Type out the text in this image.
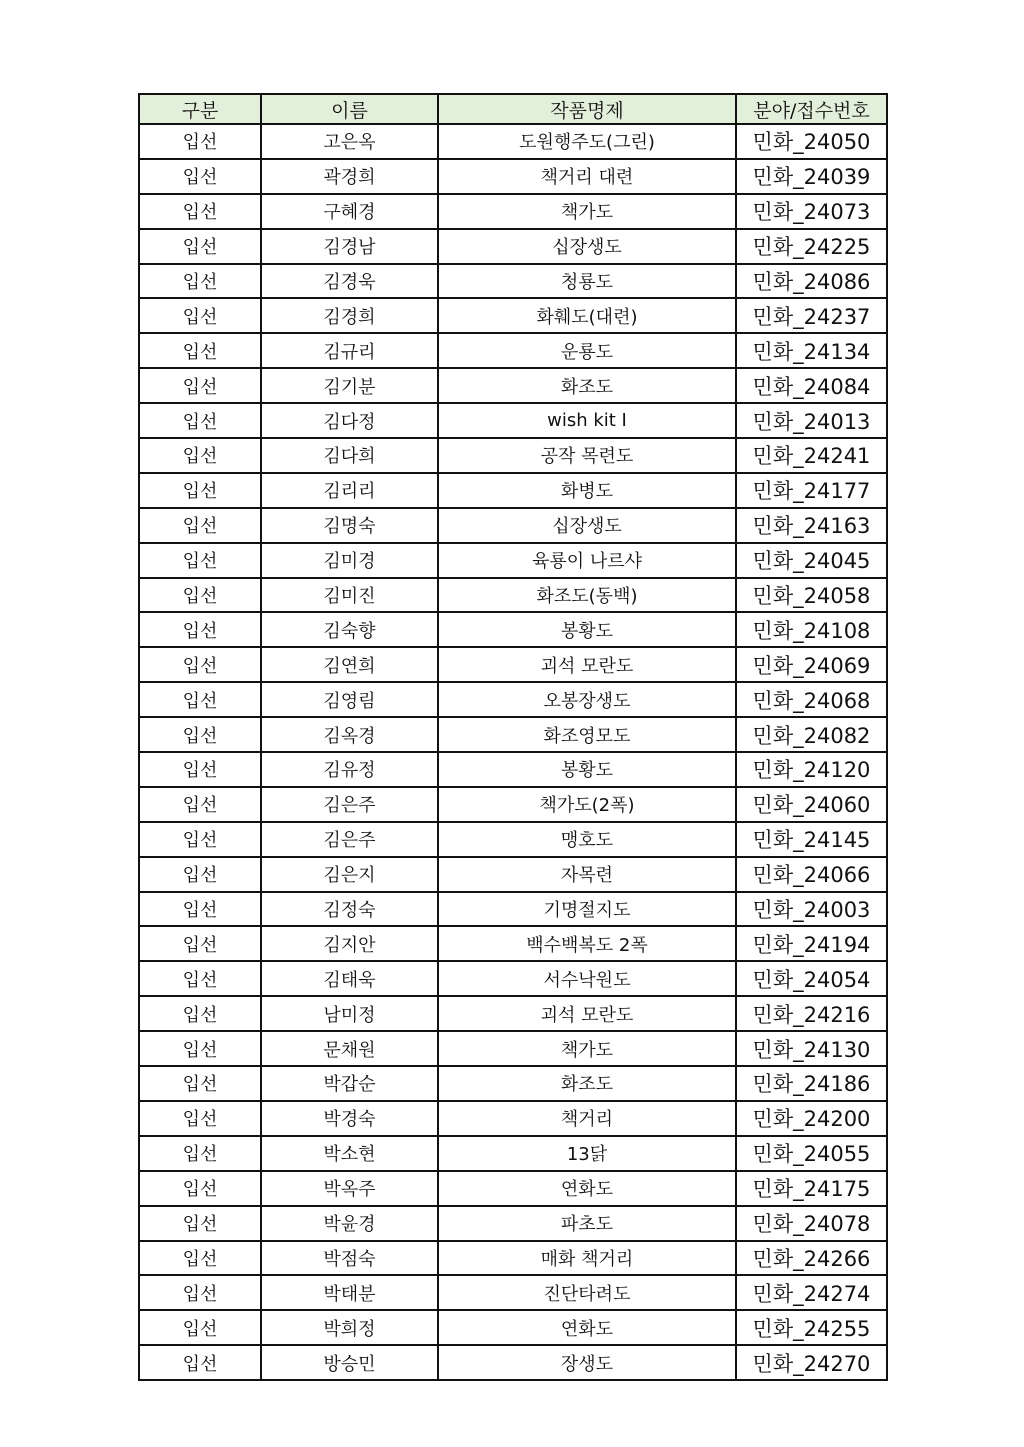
구분	이름	작품명제	분야/접수번호
입선	고은옥	도원행주도(그린)	민화_24050
입선	곽경희	책거리 대련	민화_24039
입선	구혜경	책가도	민화_24073
입선	김경남	십장생도	민화_24225
입선	김경욱	청룡도	민화_24086
입선	김경희	화훼도(대련)	민화_24237
입선	김규리	운룡도	민화_24134
입선	김기분	화조도	민화_24084
입선	김다정	wish kit Ⅰ	민화_24013
입선	김다희	공작 목련도	민화_24241
입선	김리리	화병도	민화_24177
입선	김명숙	십장생도	민화_24163
입선	김미경	육룡이 나르샤	민화_24045
입선	김미진	화조도(동백)	민화_24058
입선	김숙향	봉황도	민화_24108
입선	김연희	괴석 모란도	민화_24069
입선	김영림	오봉장생도	민화_24068
입선	김옥경	화조영모도	민화_24082
입선	김유정	봉황도	민화_24120
입선	김은주	책가도(2폭)	민화_24060
입선	김은주	맹호도	민화_24145
입선	김은지	자목련	민화_24066
입선	김정숙	기명절지도	민화_24003
입선	김지안	백수백복도 2폭	민화_24194
입선	김태욱	서수낙원도	민화_24054
입선	남미정	괴석 모란도	민화_24216
입선	문채원	책가도	민화_24130
입선	박갑순	화조도	민화_24186
입선	박경숙	책거리	민화_24200
입선	박소현	13닭	민화_24055
입선	박옥주	연화도	민화_24175
입선	박윤경	파초도	민화_24078
입선	박점숙	매화 책거리	민화_24266
입선	박태분	진단타려도	민화_24274
입선	박희정	연화도	민화_24255
입선	방승민	장생도	민화_24270
